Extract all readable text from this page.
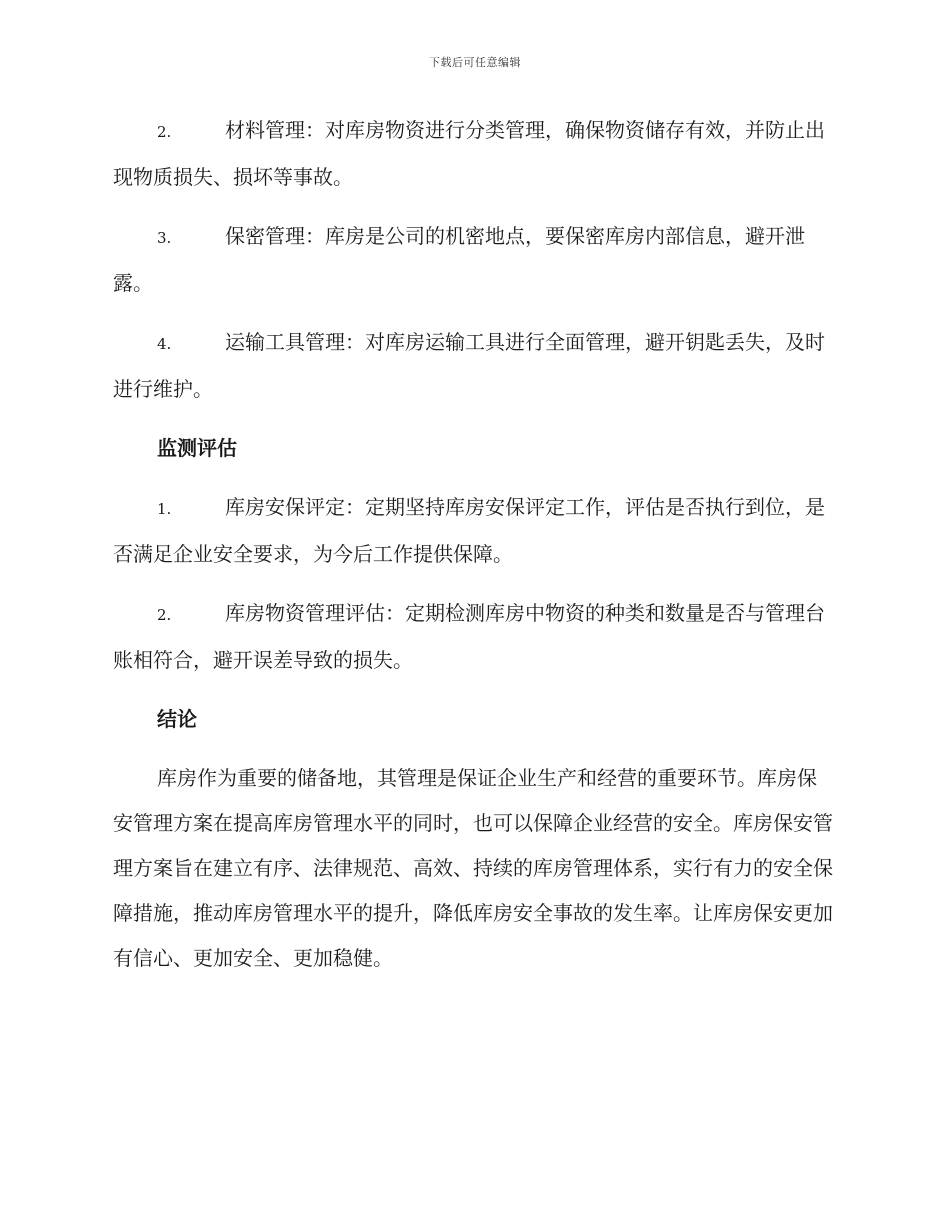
下载后可任意编辑

2.	材料管理：对库房物资进行分类管理，确保物资储存有效，并防止出现物质损失、损坏等事故。

3.	保密管理：库房是公司的机密地点，要保密库房内部信息，避开泄露。

4.	运输工具管理：对库房运输工具进行全面管理，避开钥匙丢失，及时进行维护。

监测评估

1.	库房安保评定：定期坚持库房安保评定工作，评估是否执行到位，是否满足企业安全要求，为今后工作提供保障。

2.	库房物资管理评估：定期检测库房中物资的种类和数量是否与管理台账相符合，避开误差导致的损失。

结论

库房作为重要的储备地，其管理是保证企业生产和经营的重要环节。库房保安管理方案在提高库房管理水平的同时，也可以保障企业经营的安全。库房保安管理方案旨在建立有序、法律规范、高效、持续的库房管理体系，实行有力的安全保障措施，推动库房管理水平的提升，降低库房安全事故的发生率。让库房保安更加有信心、更加安全、更加稳健。
